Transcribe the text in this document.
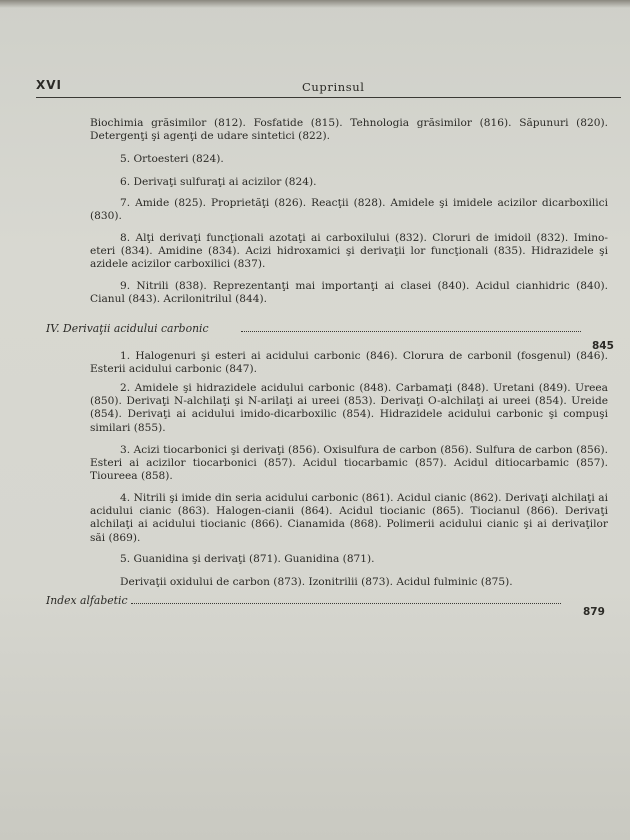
XVI	Cuprinsul

Biochimia grăsimilor (812). Fosfatide (815). Tehnologia grăsimilor (816). Săpunuri (820). Detergenţi şi agenţi de udare sintetici (822).

5. Ortoesteri (824).

6. Derivaţi sulfuraţi ai acizilor (824).

7. Amide (825). Proprietăţi (826). Reacţii (828). Amidele şi imidele acizilor dicarboxilici (830).

8. Alţi derivaţi funcţionali azotaţi ai carboxilului (832). Cloruri de imidoil (832). Imino-eteri (834). Amidine (834). Acizi hidroxamici şi derivaţii lor funcţionali (835). Hidrazidele şi azidele acizilor carboxilici (837).

9. Nitrili (838). Reprezentanţi mai importanţi ai clasei (840). Acidul cianhidric (840). Cianul (843). Acrilonitrilul (844).

IV. Derivaţii acidului carbonic
845

1. Halogenuri şi esteri ai acidului carbonic (846). Clorura de carbonil (fosgenul) (846). Esterii acidului carbonic (847).

2. Amidele şi hidrazidele acidului carbonic (848). Carbamaţi (848). Uretani (849). Ureea (850). Derivaţi N-alchilaţi şi N-arilaţi ai ureei (853). Derivaţi O-alchilaţi ai ureei (854). Ureide (854). Derivaţi ai acidului imido-dicarboxilic (854). Hidrazidele acidului carbonic şi compuşi similari (855).

3. Acizi tiocarbonici şi derivaţi (856). Oxisulfura de carbon (856). Sulfura de carbon (856). Esteri ai acizilor tiocarbonici (857). Acidul tiocarbamic (857). Acidul ditiocarbamic (857). Tioureea (858).

4. Nitrili şi imide din seria acidului carbonic (861). Acidul cianic (862). Derivaţi alchilaţi ai acidului cianic (863). Halogen-cianii (864). Acidul tiocianic (865). Tiocianul (866). Derivaţi alchilaţi ai acidului tiocianic (866). Cianamida (868). Polimerii acidului cianic şi ai derivaţilor săi (869).

5. Guanidina şi derivaţi (871). Guanidina (871).

Derivaţii oxidului de carbon (873). Izonitrilii (873). Acidul fulminic (875).

Index alfabetic
879
